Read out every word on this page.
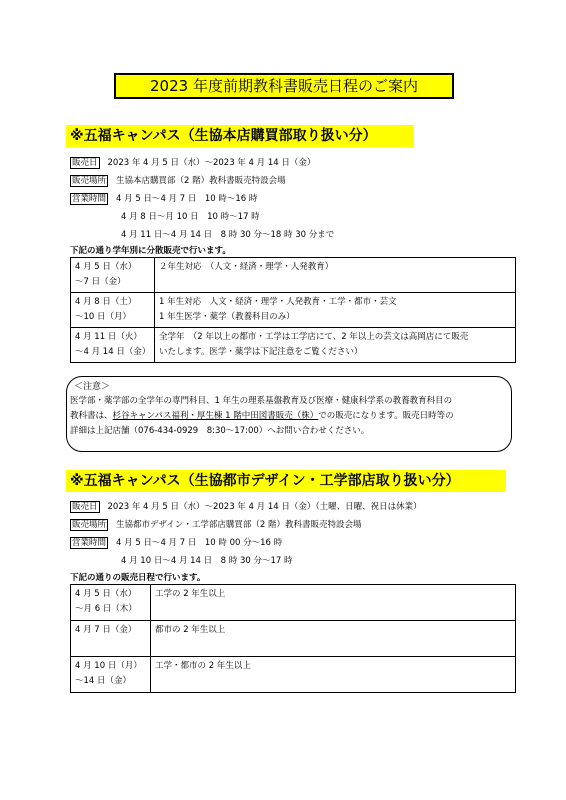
2023 年度前期教科書販売日程のご案内
※五福キャンパス（生協本店購買部取り扱い分）
販売日 2023 年 4 月 5 日（水）～2023 年 4 月 14 日（金）
販売場所 生協本店購買部（2 階）教科書販売特設会場
営業時間 4 月 5 日～4 月 7 日　10 時～16 時
4 月 8 日～月 10 日　10 時～17 時
4 月 11 日～4 月 14 日　8 時 30 分～18 時 30 分まで
下記の通り学年別に分散販売で行います。
4 月 5 日（水）
～7 日（金）	２年生対応　（人文・経済・理学・人発教育）
4 月 8 日（土）
～10 日（月）	1 年生対応　人文・経済・理学・人発教育・工学・都市・芸文
1 年生医学・薬学（教養科目のみ）
4 月 11 日（火）
～4 月 14 日（金）	全学年　（2 年以上の都市・工学は工学店にて、2 年以上の芸文は高岡店にて販売
いたします。医学・薬学は下記注意をご覧ください）
＜注意＞
医学部・薬学部の全学年の専門科目、1 年生の理系基盤教育及び医療・健康科学系の教養教育科目の
教科書は、杉谷キャンパス福利・厚生棟 1 階中田図書販売（株）での販売になります。販売日時等の
詳細は上記店舗（076-434-0929　8:30～17:00）へお問い合わせください。
※五福キャンパス（生協都市デザイン・工学部店取り扱い分）
販売日 2023 年 4 月 5 日（水）～2023 年 4 月 14 日（金）（土曜、日曜、祝日は休業）
販売場所 生協都市デザイン・工学部店購買部（2 階）教科書販売特設会場
営業時間 4 月 5 日～4 月 7 日　10 時 00 分～16 時
4 月 10 日～4 月 14 日　8 時 30 分～17 時
下記の通りの販売日程で行います。
4 月 5 日（水）
～月 6 日（木）	工学の 2 年生以上
4 月 7 日（金）	都市の 2 年生以上
4 月 10 日（月）
～14 日（金）	工学・都市の 2 年生以上
